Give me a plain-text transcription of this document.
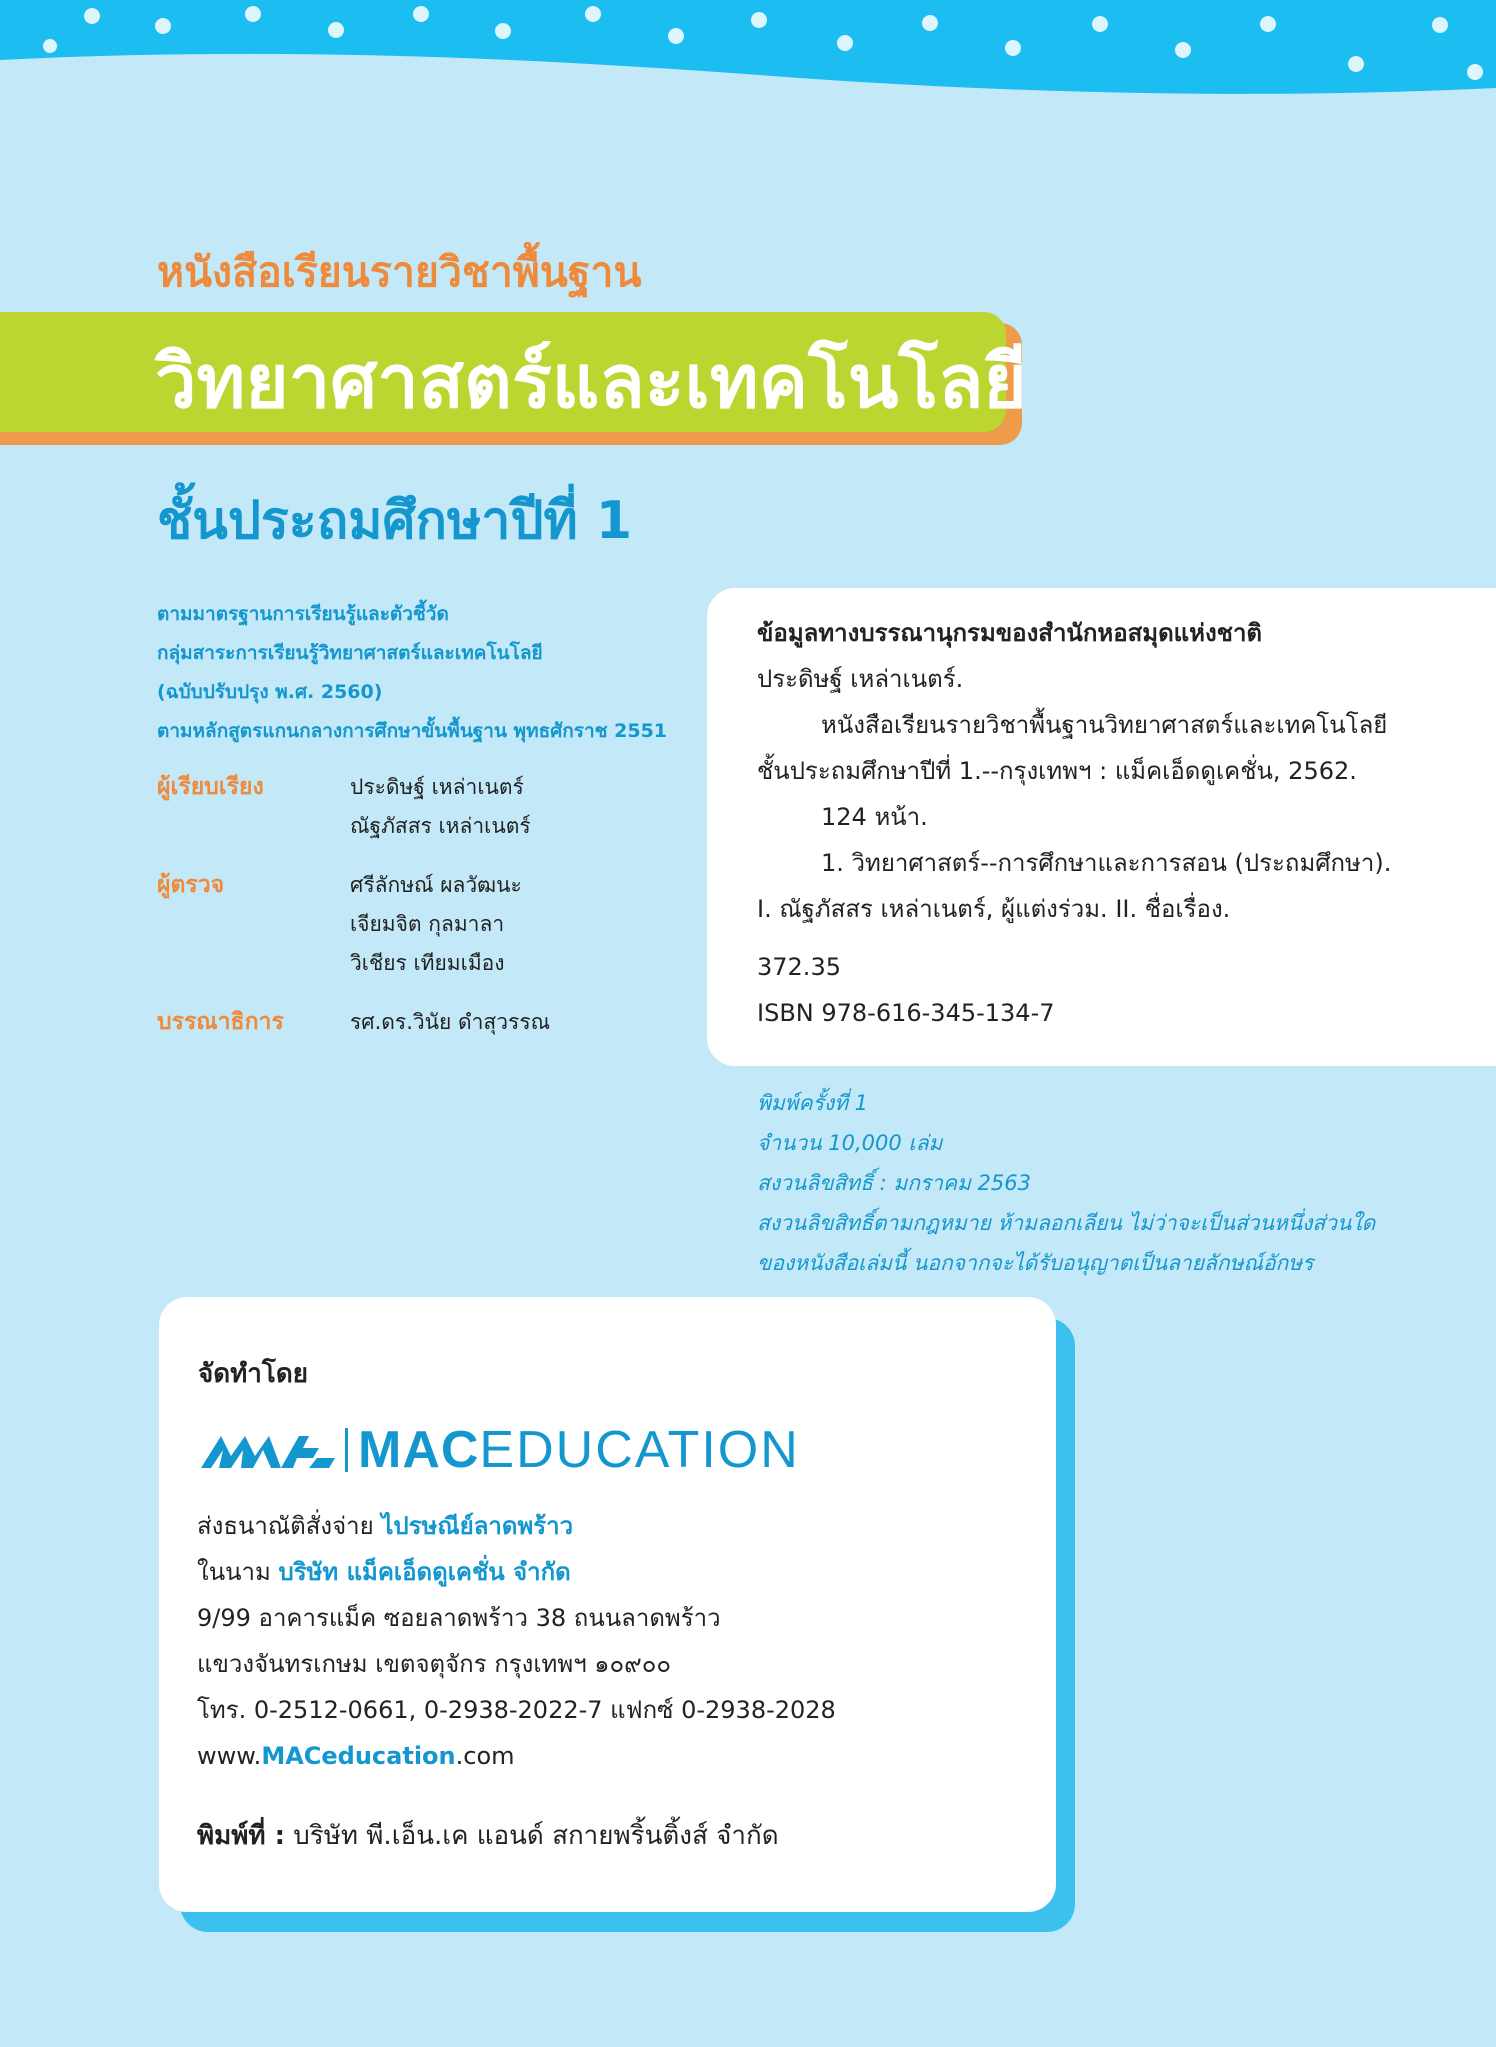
หนังสือเรียนรายวิชาพื้นฐาน
วิทยาศาสตร์และเทคโนโลยี
ชั้นประถมศึกษาปีที่ 1
ตามมาตรฐานการเรียนรู้และตัวชี้วัด
กลุ่มสาระการเรียนรู้วิทยาศาสตร์และเทคโนโลยี
(ฉบับปรับปรุง พ.ศ. 2560)
ตามหลักสูตรแกนกลางการศึกษาขั้นพื้นฐาน พุทธศักราช 2551
ผู้เรียบเรียง	ประดิษฐ์ เหล่าเนตร์
ณัฐภัสสร เหล่าเนตร์
ผู้ตรวจ	ศรีลักษณ์ ผลวัฒนะ
เจียมจิต กุลมาลา
วิเชียร เทียมเมือง
บรรณาธิการ	รศ.ดร.วินัย ดำสุวรรณ
ข้อมูลทางบรรณานุกรมของสำนักหอสมุดแห่งชาติ
ประดิษฐ์ เหล่าเนตร์.
หนังสือเรียนรายวิชาพื้นฐานวิทยาศาสตร์และเทคโนโลยี
ชั้นประถมศึกษาปีที่ 1.--กรุงเทพฯ : แม็คเอ็ดดูเคชั่น, 2562.
124 หน้า.
1. วิทยาศาสตร์--การศึกษาและการสอน (ประถมศึกษา).
I. ณัฐภัสสร เหล่าเนตร์, ผู้แต่งร่วม. II. ชื่อเรื่อง.
372.35
ISBN 978-616-345-134-7
พิมพ์ครั้งที่ 1
จำนวน 10,000 เล่ม
สงวนลิขสิทธิ์ : มกราคม 2563
สงวนลิขสิทธิ์ตามกฎหมาย ห้ามลอกเลียน ไม่ว่าจะเป็นส่วนหนึ่งส่วนใด
ของหนังสือเล่มนี้ นอกจากจะได้รับอนุญาตเป็นลายลักษณ์อักษร
จัดทำโดย
MAC EDUCATION
ส่งธนาณัติสั่งจ่าย ไปรษณีย์ลาดพร้าว
ในนาม บริษัท แม็คเอ็ดดูเคชั่น จำกัด
9/99 อาคารแม็ค ซอยลาดพร้าว 38 ถนนลาดพร้าว
แขวงจันทรเกษม เขตจตุจักร กรุงเทพฯ ๑๐๙๐๐
โทร. 0-2512-0661, 0-2938-2022-7 แฟกซ์ 0-2938-2028
www.MACeducation.com
พิมพ์ที่ : บริษัท พี.เอ็น.เค แอนด์ สกายพริ้นติ้งส์ จำกัด
